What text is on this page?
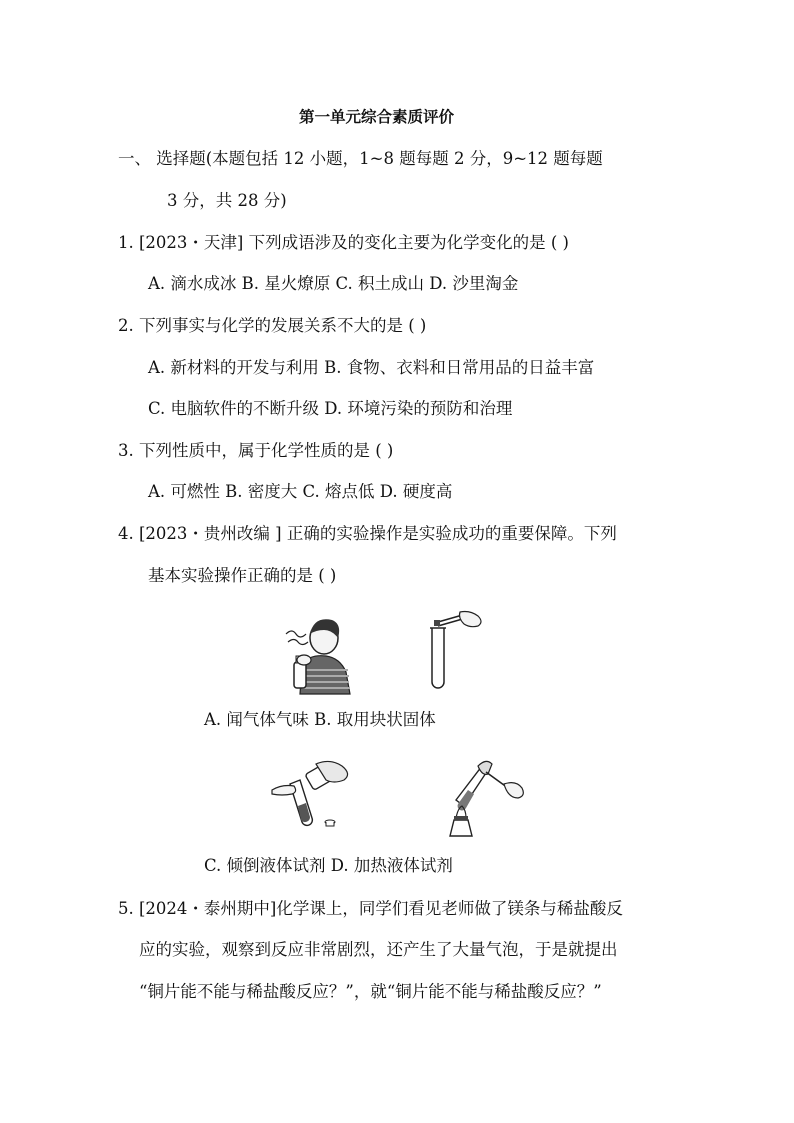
第一单元综合素质评价
一、 选择题(本题包括 12 小题，1~8 题每题 2 分，9~12 题每题
3 分，共 28 分)
1. [2023・天津] 下列成语涉及的变化主要为化学变化的是 ( )
A. 滴水成冰 B. 星火燎原 C. 积土成山 D. 沙里淘金
2. 下列事实与化学的发展关系不大的是 ( )
A. 新材料的开发与利用 B. 食物、衣料和日常用品的日益丰富
C. 电脑软件的不断升级 D. 环境污染的预防和治理
3. 下列性质中，属于化学性质的是 ( )
A. 可燃性 B. 密度大 C. 熔点低 D. 硬度高
4. [2023・贵州改编 ] 正确的实验操作是实验成功的重要保障。下列
基本实验操作正确的是 ( )
A. 闻气体气味 B. 取用块状固体
C. 倾倒液体试剂 D. 加热液体试剂
5. [2024・泰州期中]化学课上，同学们看见老师做了镁条与稀盐酸反
应的实验，观察到反应非常剧烈，还产生了大量气泡，于是就提出
“铜片能不能与稀盐酸反应？”，就“铜片能不能与稀盐酸反应？”
